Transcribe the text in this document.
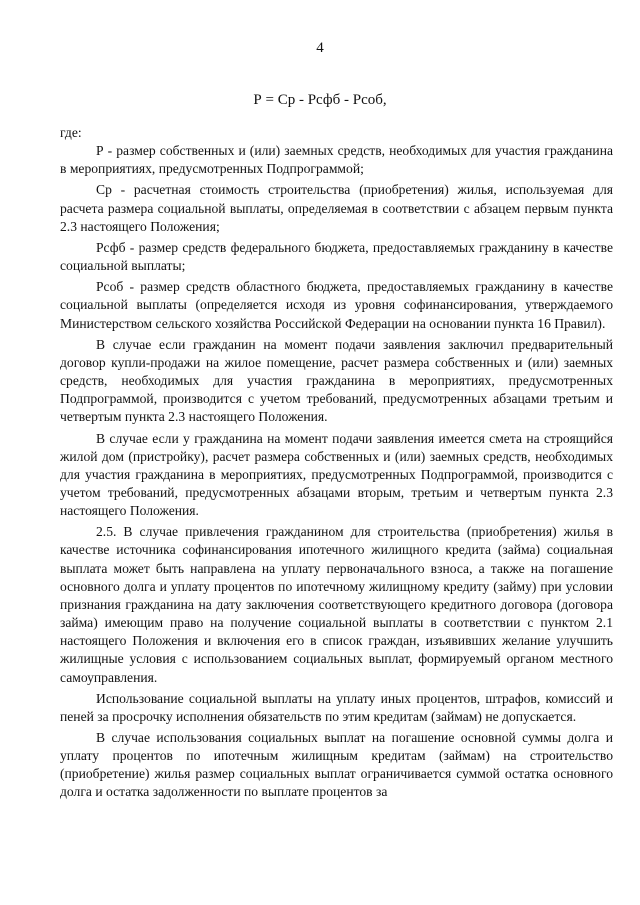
4
Р = Ср - Рсфб - Рсоб,

где:

Р - размер собственных и (или) заемных средств, необходимых для участия гражданина в мероприятиях, предусмотренных Подпрограммой;

Ср - расчетная стоимость строительства (приобретения) жилья, используемая для расчета размера социальной выплаты, определяемая в соответствии с абзацем первым пункта 2.3 настоящего Положения;

Рсфб - размер средств федерального бюджета, предоставляемых гражданину в качестве социальной выплаты;

Рсоб - размер средств областного бюджета, предоставляемых гражданину в качестве социальной выплаты (определяется исходя из уровня софинансирования, утверждаемого Министерством сельского хозяйства Российской Федерации на основании пункта 16 Правил).

В случае если гражданин на момент подачи заявления заключил предварительный договор купли-продажи на жилое помещение, расчет размера собственных и (или) заемных средств, необходимых для участия гражданина в мероприятиях, предусмотренных Подпрограммой, производится с учетом требований, предусмотренных абзацами третьим и четвертым пункта 2.3 настоящего Положения.

В случае если у гражданина на момент подачи заявления имеется смета на строящийся жилой дом (пристройку), расчет размера собственных и (или) заемных средств, необходимых для участия гражданина в мероприятиях, предусмотренных Подпрограммой, производится с учетом требований, предусмотренных абзацами вторым, третьим и четвертым пункта 2.3 настоящего Положения.

2.5. В случае привлечения гражданином для строительства (приобретения) жилья в качестве источника софинансирования ипотечного жилищного кредита (займа) социальная выплата может быть направлена на уплату первоначального взноса, а также на погашение основного долга и уплату процентов по ипотечному жилищному кредиту (займу) при условии признания гражданина на дату заключения соответствующего кредитного договора (договора займа) имеющим право на получение социальной выплаты в соответствии с пунктом 2.1 настоящего Положения и включения его в список граждан, изъявивших желание улучшить жилищные условия с использованием социальных выплат, формируемый органом местного самоуправления.

Использование социальной выплаты на уплату иных процентов, штрафов, комиссий и пеней за просрочку исполнения обязательств по этим кредитам (займам) не допускается.

В случае использования социальных выплат на погашение основной суммы долга и уплату процентов по ипотечным жилищным кредитам (займам) на строительство (приобретение) жилья размер социальных выплат ограничивается суммой остатка основного долга и остатка задолженности по выплате процентов за
